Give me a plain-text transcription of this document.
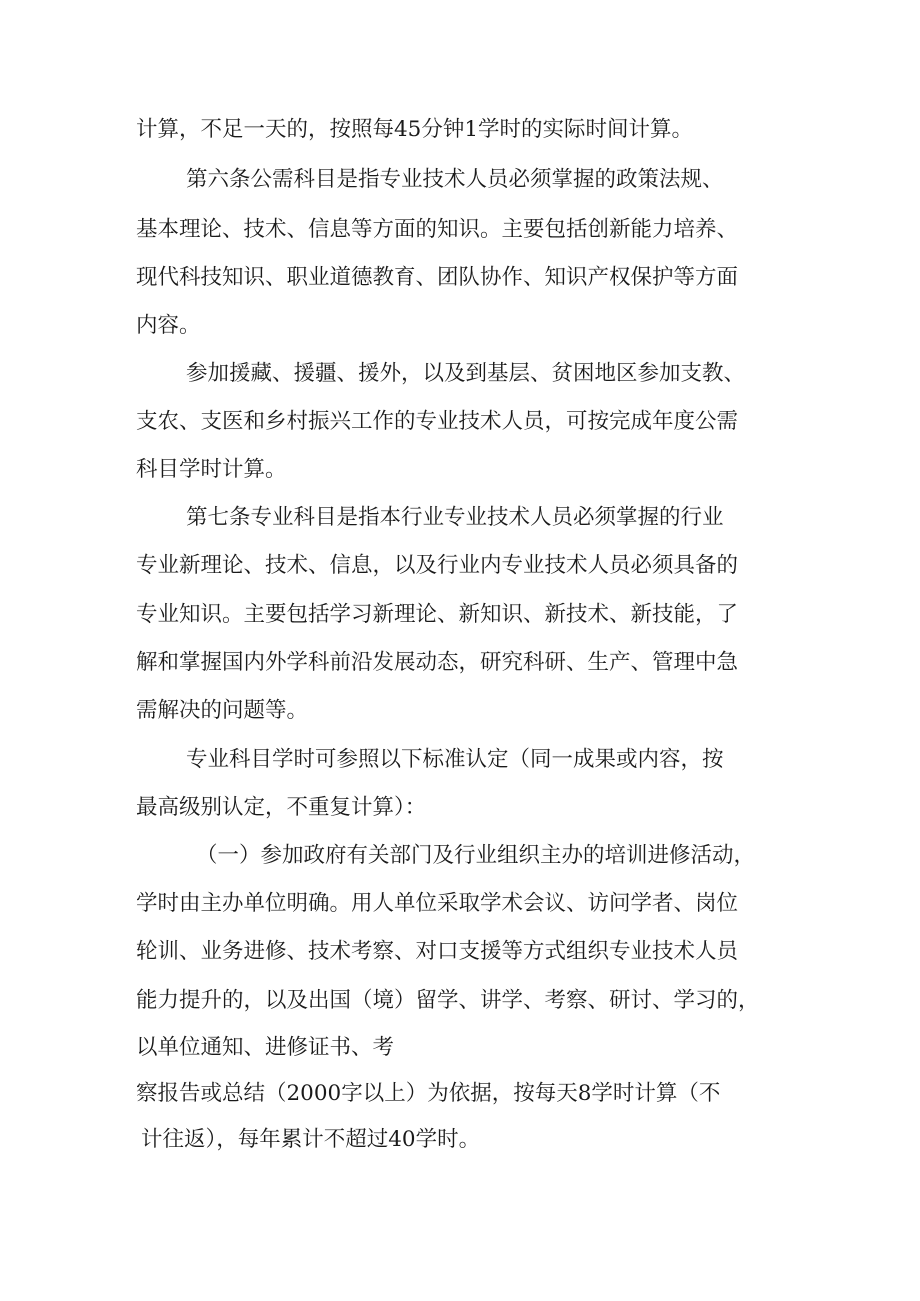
计算，不足一天的，按照每45分钟1学时的实际时间计算。
第六条公需科目是指专业技术人员必须掌握的政策法规、
基本理论、技术、信息等方面的知识。主要包括创新能力培养、
现代科技知识、职业道德教育、团队协作、知识产权保护等方面
内容。
参加援藏、援疆、援外，以及到基层、贫困地区参加支教、
支农、支医和乡村振兴工作的专业技术人员，可按完成年度公需
科目学时计算。
第七条专业科目是指本行业专业技术人员必须掌握的行业
专业新理论、技术、信息，以及行业内专业技术人员必须具备的
专业知识。主要包括学习新理论、新知识、新技术、新技能，了
解和掌握国内外学科前沿发展动态，研究科研、生产、管理中急
需解决的问题等。
专业科目学时可参照以下标准认定（同一成果或内容，按
最高级别认定，不重复计算）：
（一）参加政府有关部门及行业组织主办的培训进修活动，
学时由主办单位明确。用人单位采取学术会议、访问学者、岗位
轮训、业务进修、技术考察、对口支援等方式组织专业技术人员
能力提升的，以及出国（境）留学、讲学、考察、研讨、学习的，
以单位通知、进修证书、考
察报告或总结（2000字以上）为依据，按每天8学时计算（不
计往返），每年累计不超过40学时。
